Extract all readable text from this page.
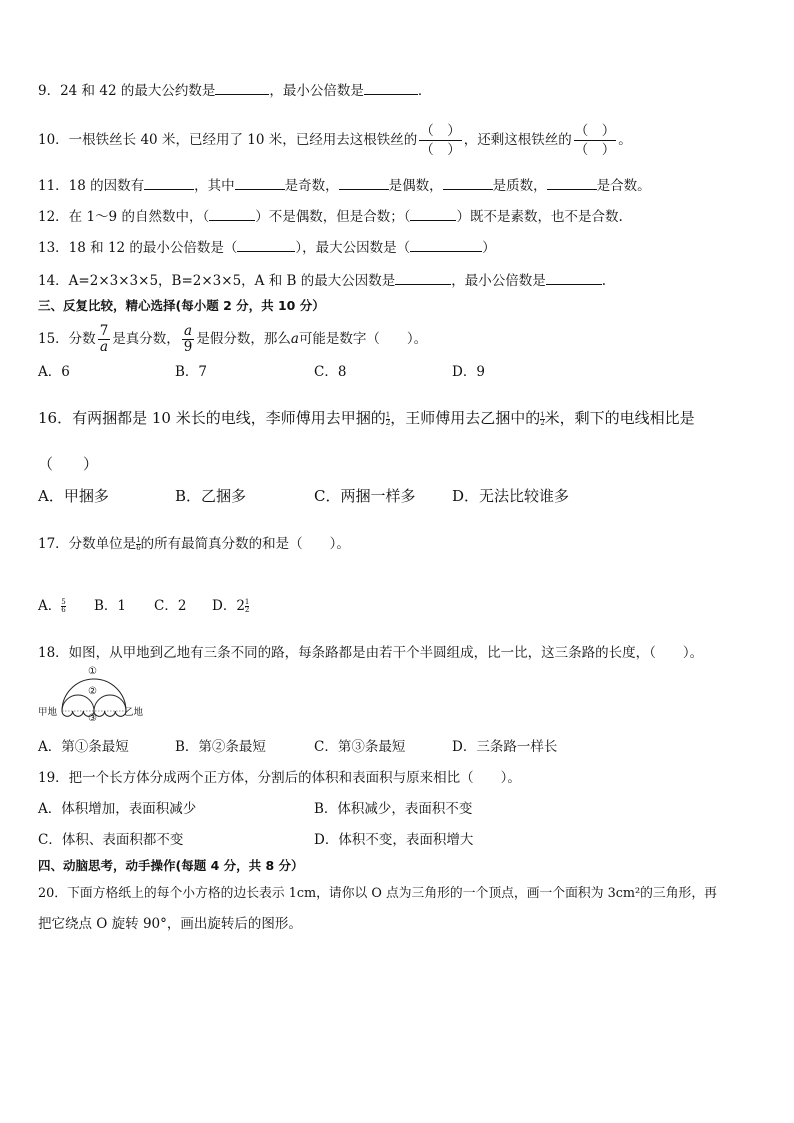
9．24 和 42 的最大公约数是	，最小公倍数是	．
10．一根铁丝长 40 米，已经用了 10 米，已经用去这根铁丝的 $\frac{( )}{( )}$ ，还剩这根铁丝的 $\frac{( )}{( )}$ 。
11．18 的因数有	，其中	是奇数，	是偶数，	是质数，	是合数。
12．在 1～9 的自然数中，（	）不是偶数，但是合数；（	）既不是素数，也不是合数.
13．18 和 12 的最小公倍数是（	），最大公因数是（	）
14．A=2×3×3×5，B=2×3×5，A 和 B 的最大公因数是	，最小公倍数是	.
三、反复比较，精心选择(每小题 2 分，共 10 分）
15．分数 $\frac{7}{a}$ 是真分数， $\frac{a}{9}$ 是假分数，那么a可能是数字（　　）。
A．6	B．7	C．8	D．9
16．有两捆都是 10 米长的电线，李师傅用去甲捆的 $\frac{1}{2}$ ，王师傅用去乙捆中的 $\frac{1}{2}$ 米，剩下的电线相比是
（　　）
A．甲捆多	B．乙捆多	C．两捆一样多 D．无法比较谁多
17．分数单位是 $\frac{1}{6}$ 的所有最简真分数的和是（　　）。
A． $\frac{5}{6}$ B．1 C．2 D．$2 \frac{1}{2}$
18．如图，从甲地到乙地有三条不同的路，每条路都是由若干个半圆组成，比一比，这三条路的长度，（　　）。
①
②
③
甲地	乙地
A．第①条最短	B．第②条最短	C．第③条最短	D．三条路一样长
19．把一个长方体分成两个正方体，分割后的体积和表面积与原来相比（　　）。
A．体积增加，表面积减少	B．体积减少，表面积不变
C．体积、表面积都不变	D．体积不变，表面积增大
四、动脑思考，动手操作(每题 4 分，共 8 分）
20．下面方格纸上的每个小方格的边长表示 1cm，请你以 O 点为三角形的一个顶点，画一个面积为 3cm²的三角形，再
把它绕点 O 旋转 90°，画出旋转后的图形。
